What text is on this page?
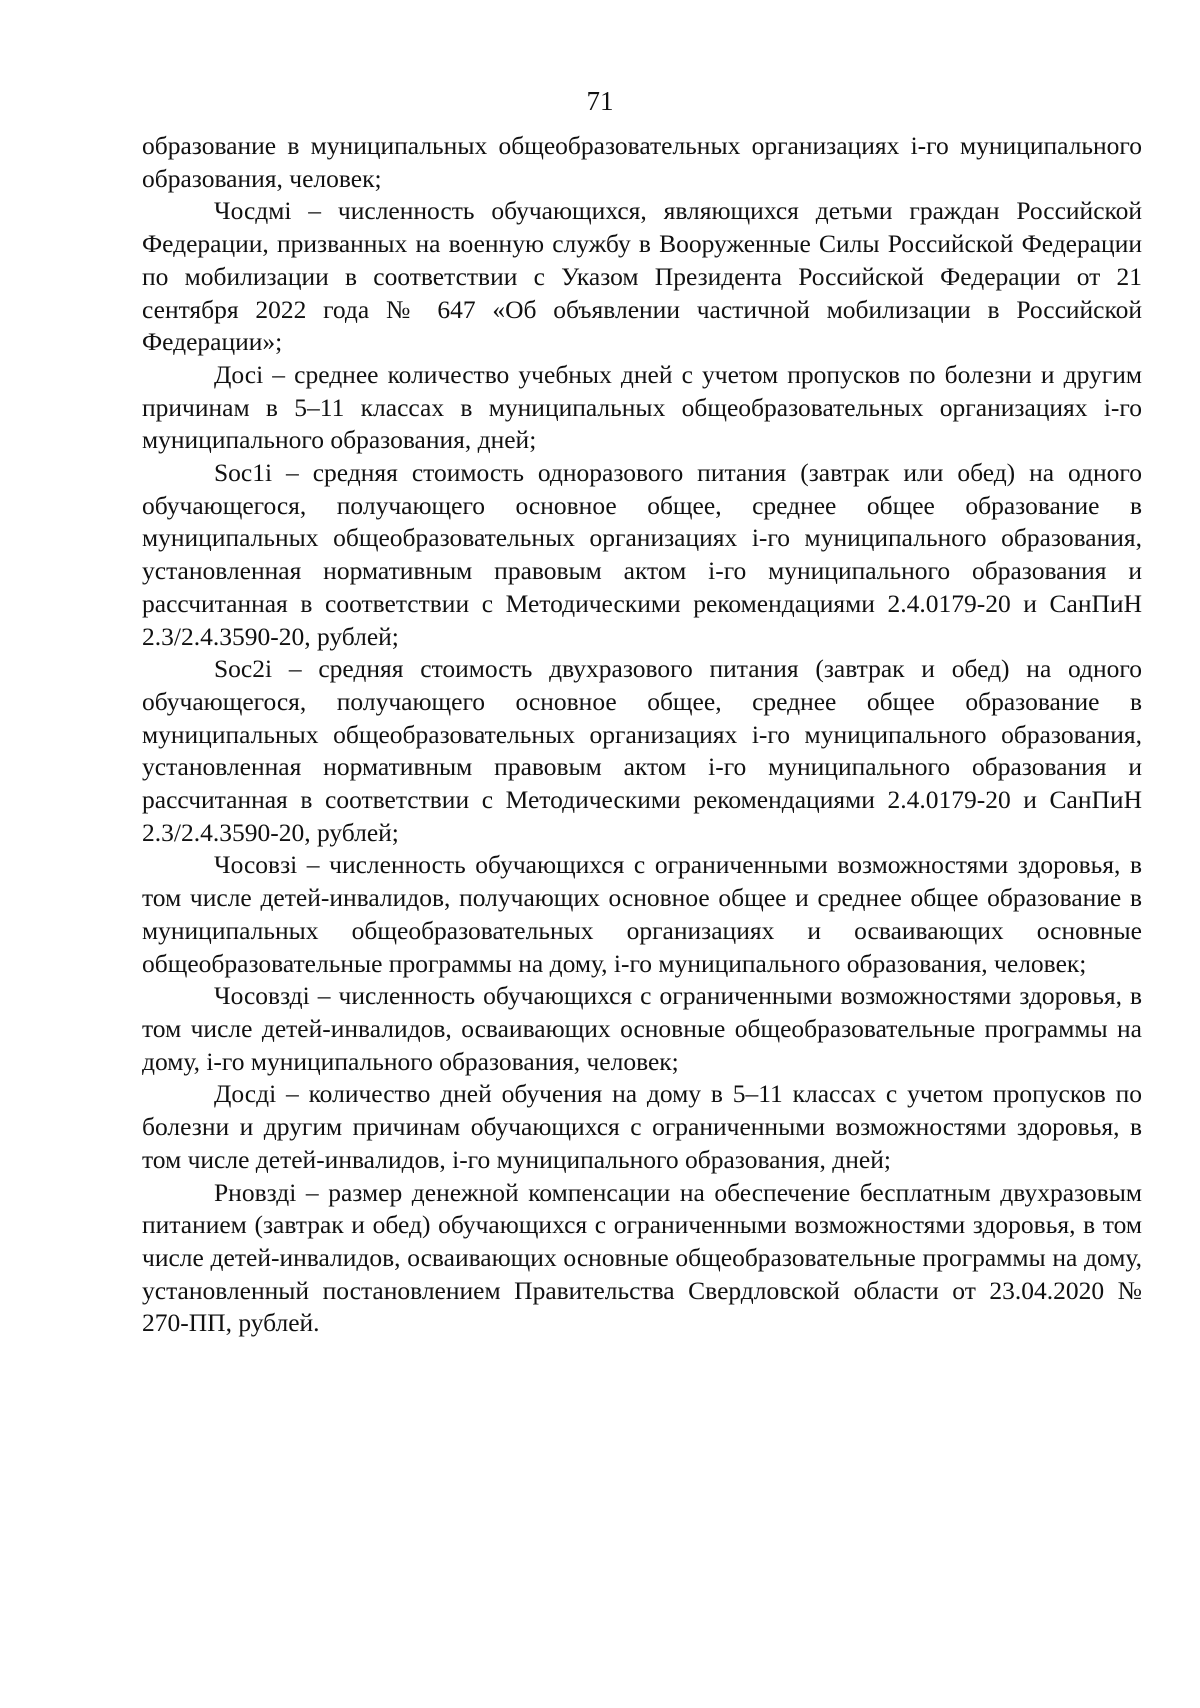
71

образование в муниципальных общеобразовательных организациях i-го муниципального образования, человек;

Чосдмi – численность обучающихся, являющихся детьми граждан Российской Федерации, призванных на военную службу в Вооруженные Силы Российской Федерации по мобилизации в соответствии с Указом Президента Российской Федерации от 21 сентября 2022 года № 647 «Об объявлении частичной мобилизации в Российской Федерации»;

Досi – среднее количество учебных дней с учетом пропусков по болезни и другим причинам в 5–11 классах в муниципальных общеобразовательных организациях i-го муниципального образования, дней;

Soc1i – средняя стоимость одноразового питания (завтрак или обед) на одного обучающегося, получающего основное общее, среднее общее образование в муниципальных общеобразовательных организациях i-го муниципального образования, установленная нормативным правовым актом i-го муниципального образования и рассчитанная в соответствии с Методическими рекомендациями 2.4.0179-20 и СанПиН 2.3/2.4.3590-20, рублей;

Soc2i – средняя стоимость двухразового питания (завтрак и обед) на одного обучающегося, получающего основное общее, среднее общее образование в муниципальных общеобразовательных организациях i-го муниципального образования, установленная нормативным правовым актом i-го муниципального образования и рассчитанная в соответствии с Методическими рекомендациями 2.4.0179-20 и СанПиН 2.3/2.4.3590-20, рублей;

Чосовзi – численность обучающихся с ограниченными возможностями здоровья, в том числе детей-инвалидов, получающих основное общее и среднее общее образование в муниципальных общеобразовательных организациях и осваивающих основные общеобразовательные программы на дому, i-го муниципального образования, человек;

Чосовздi – численность обучающихся с ограниченными возможностями здоровья, в том числе детей-инвалидов, осваивающих основные общеобразовательные программы на дому, i-го муниципального образования, человек;

Досдi – количество дней обучения на дому в 5–11 классах с учетом пропусков по болезни и другим причинам обучающихся с ограниченными возможностями здоровья, в том числе детей-инвалидов, i-го муниципального образования, дней;

Рновздi – размер денежной компенсации на обеспечение бесплатным двухразовым питанием (завтрак и обед) обучающихся с ограниченными возможностями здоровья, в том числе детей-инвалидов, осваивающих основные общеобразовательные программы на дому, установленный постановлением Правительства Свердловской области от 23.04.2020 № 270-ПП, рублей.
